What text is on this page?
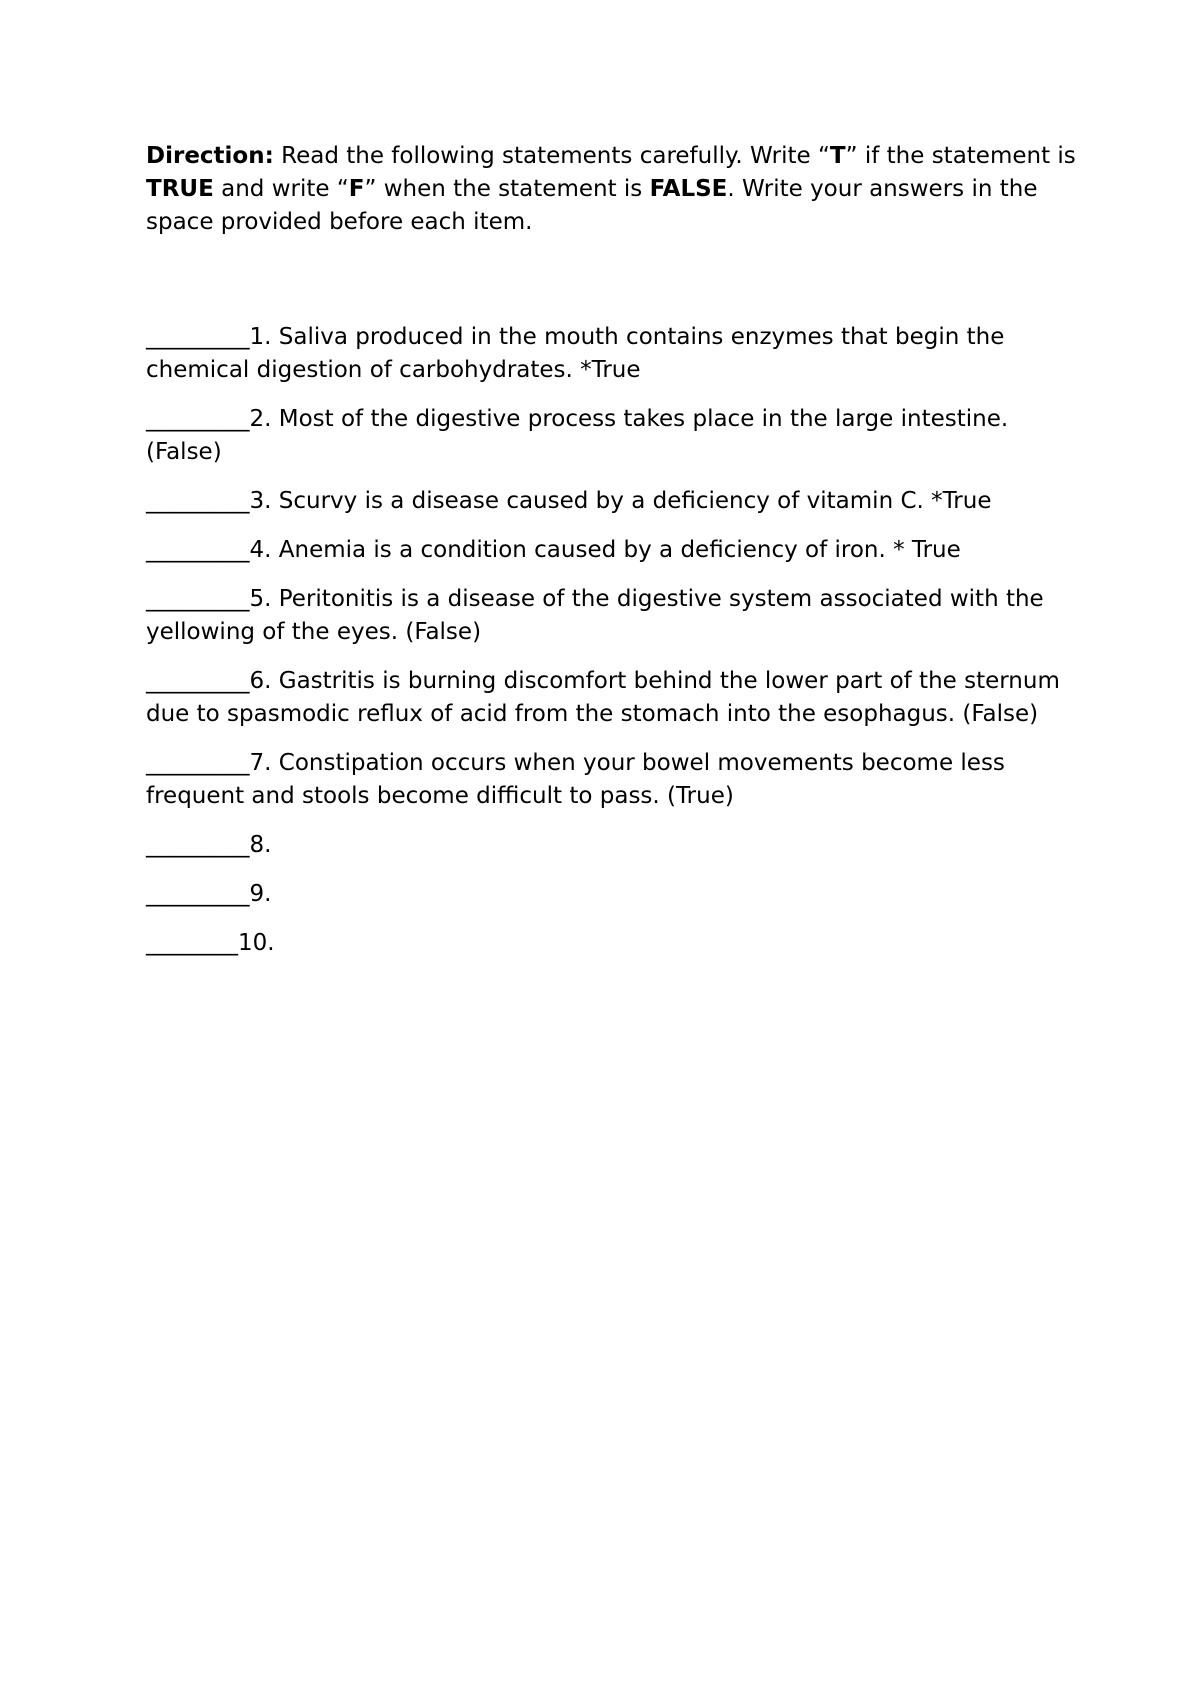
Direction: Read the following statements carefully. Write “T” if the statement is TRUE and write “F” when the statement is FALSE. Write your answers in the space provided before each item.

_________1. Saliva produced in the mouth contains enzymes that begin the chemical digestion of carbohydrates. *True
_________2. Most of the digestive process takes place in the large intestine. (False)
_________3. Scurvy is a disease caused by a deficiency of vitamin C. *True
_________4. Anemia is a condition caused by a deficiency of iron. * True
_________5. Peritonitis is a disease of the digestive system associated with the yellowing of the eyes. (False)
_________6. Gastritis is burning discomfort behind the lower part of the sternum due to spasmodic reflux of acid from the stomach into the esophagus. (False)
_________7. Constipation occurs when your bowel movements become less frequent and stools become difficult to pass. (True)
_________8.
_________9.
________10.
